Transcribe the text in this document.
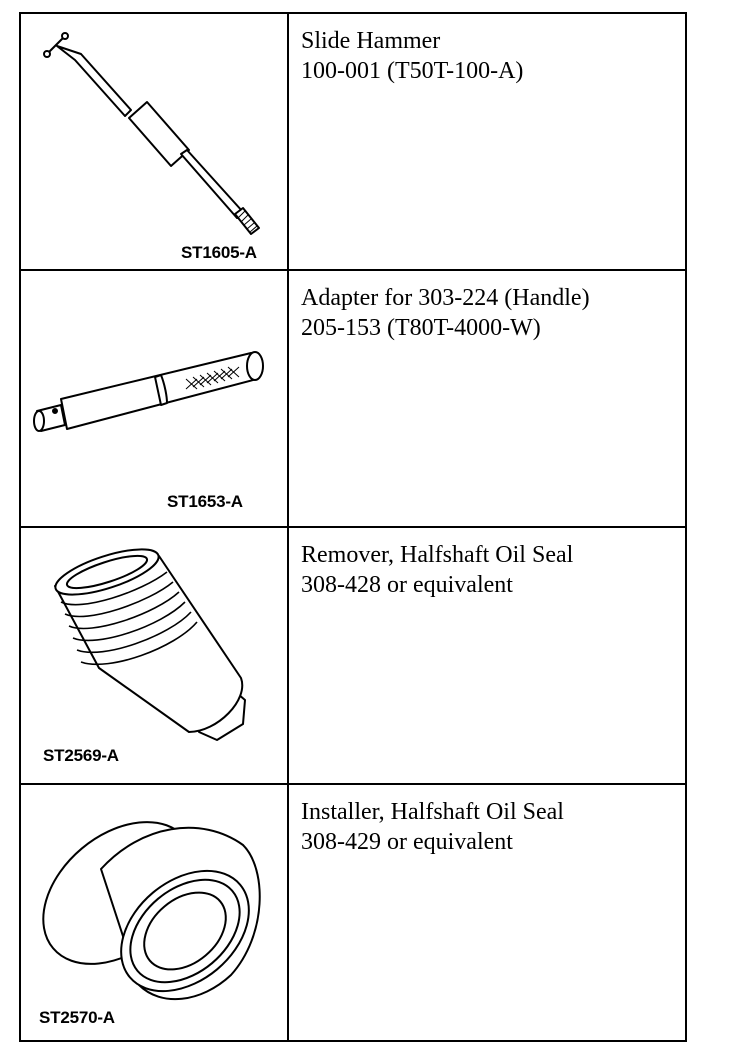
ST1605-A	Slide Hammer
100-001 (T50T-100-A)

ST1653-A	Adapter for 303-224 (Handle)
205-153 (T80T-4000-W)

ST2569-A	Remover, Halfshaft Oil Seal
308-428 or equivalent

ST2570-A	Installer, Halfshaft Oil Seal
308-429 or equivalent
